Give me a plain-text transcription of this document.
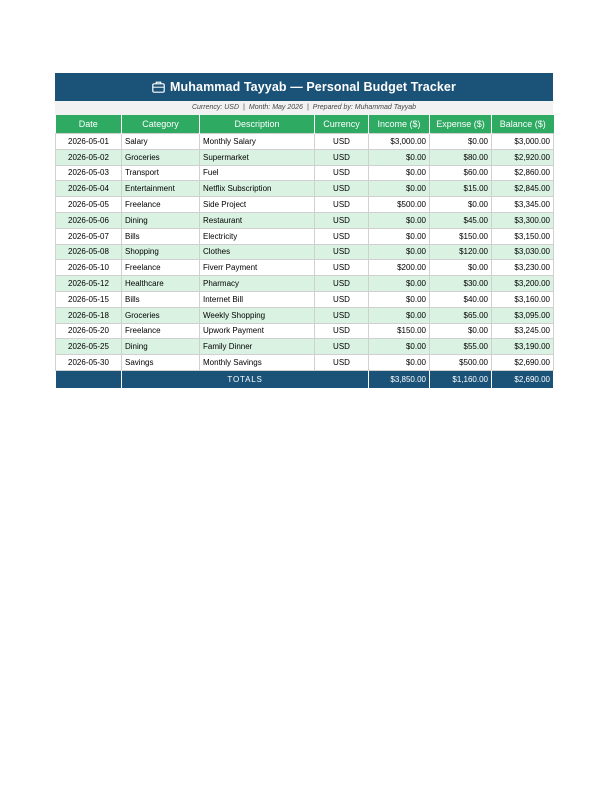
Muhammad Tayyab — Personal Budget Tracker
Currency: USD | Month: May 2026 | Prepared by: Muhammad Tayyab
Date	Category	Description	Currency	Income ($)	Expense ($)	Balance ($)
2026-05-01	Salary	Monthly Salary	USD	$3,000.00	$0.00	$3,000.00
2026-05-02	Groceries	Supermarket	USD	$0.00	$80.00	$2,920.00
2026-05-03	Transport	Fuel	USD	$0.00	$60.00	$2,860.00
2026-05-04	Entertainment	Netflix Subscription	USD	$0.00	$15.00	$2,845.00
2026-05-05	Freelance	Side Project	USD	$500.00	$0.00	$3,345.00
2026-05-06	Dining	Restaurant	USD	$0.00	$45.00	$3,300.00
2026-05-07	Bills	Electricity	USD	$0.00	$150.00	$3,150.00
2026-05-08	Shopping	Clothes	USD	$0.00	$120.00	$3,030.00
2026-05-10	Freelance	Fiverr Payment	USD	$200.00	$0.00	$3,230.00
2026-05-12	Healthcare	Pharmacy	USD	$0.00	$30.00	$3,200.00
2026-05-15	Bills	Internet Bill	USD	$0.00	$40.00	$3,160.00
2026-05-18	Groceries	Weekly Shopping	USD	$0.00	$65.00	$3,095.00
2026-05-20	Freelance	Upwork Payment	USD	$150.00	$0.00	$3,245.00
2026-05-25	Dining	Family Dinner	USD	$0.00	$55.00	$3,190.00
2026-05-30	Savings	Monthly Savings	USD	$0.00	$500.00	$2,690.00
	TOTALS			$3,850.00	$1,160.00	$2,690.00
